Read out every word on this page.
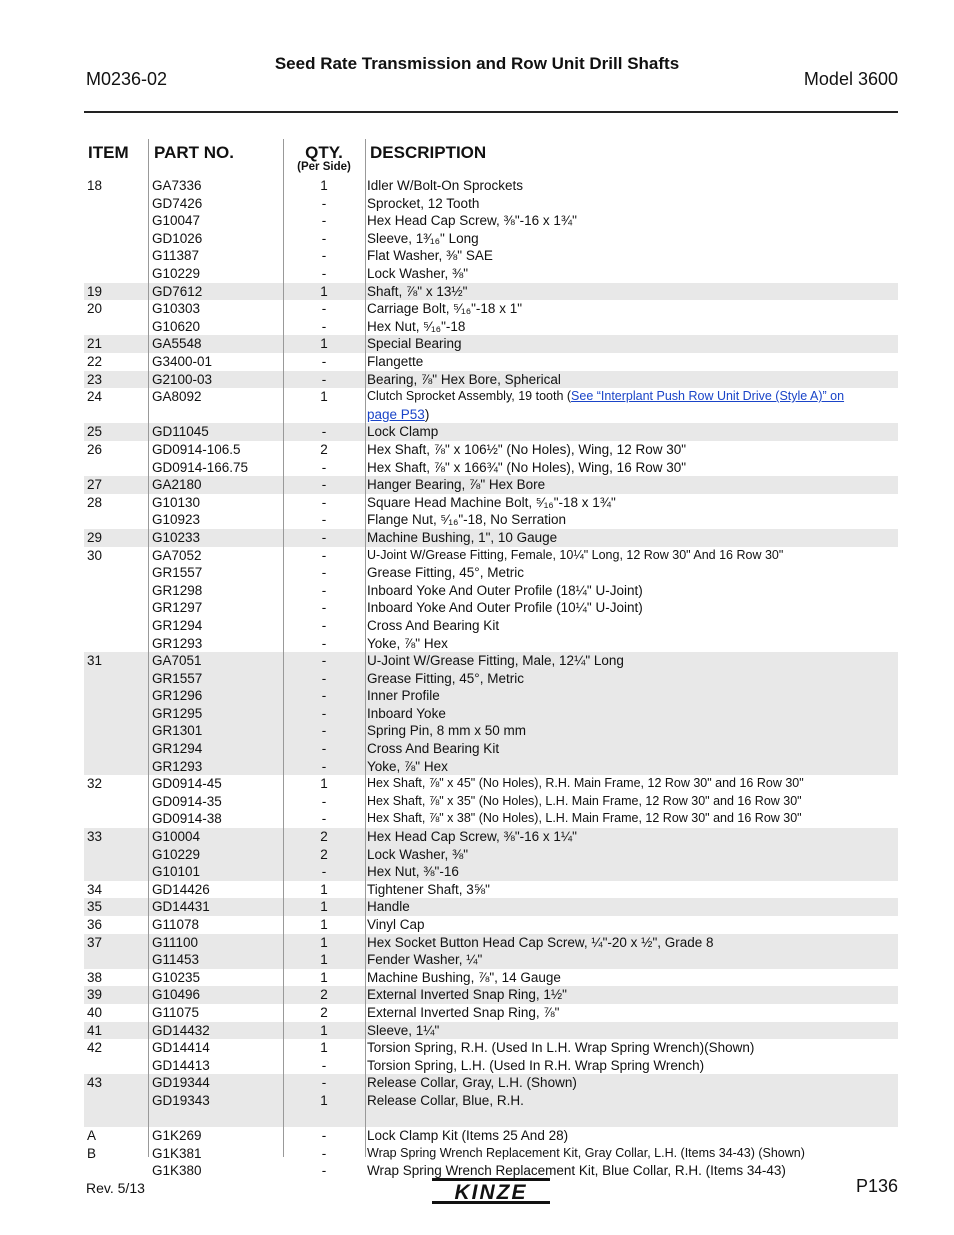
Seed Rate Transmission and Row Unit Drill Shafts
M0236-02	Model 3600
ITEM PART NO.	QTY.
(Per Side)
DESCRIPTION
18	GA7336	1	Idler W/Bolt-On Sprockets
GD7426	-	Sprocket, 12 Tooth
G10047	-	Hex Head Cap Screw, ⅜"-16 x 1¾"
GD1026	-	Sleeve, 1³⁄₁₆" Long
G11387	-	Flat Washer, ⅜" SAE
G10229	-	Lock Washer, ⅜"
19	GD7612	1	Shaft, ⅞" x 13½"
20	G10303	-	Carriage Bolt, ⁵⁄₁₆"-18 x 1"
G10620	-	Hex Nut, ⁵⁄₁₆"-18
21	GA5548	1	Special Bearing
22	G3400-01	-	Flangette
23	G2100-03	-	Bearing, ⅞" Hex Bore, Spherical
24	GA8092	1	Clutch Sprocket Assembly, 19 tooth (See “Interplant Push Row Unit Drive (Style A)” on
page P53)
25	GD11045	-	Lock Clamp
26	GD0914-106.5	2	Hex Shaft, ⅞" x 106½" (No Holes), Wing, 12 Row 30"
GD0914-166.75	-	Hex Shaft, ⅞" x 166¾" (No Holes), Wing, 16 Row 30"
27	GA2180	-	Hanger Bearing, ⅞" Hex Bore
28	G10130	-	Square Head Machine Bolt, ⁵⁄₁₆"-18 x 1¾"
G10923	-	Flange Nut, ⁵⁄₁₆"-18, No Serration
29	G10233	-	Machine Bushing, 1", 10 Gauge
30	GA7052	-	U-Joint W/Grease Fitting, Female, 10¼" Long, 12 Row 30" And 16 Row 30"
GR1557	-	Grease Fitting, 45°, Metric
GR1298	-	Inboard Yoke And Outer Profile (18¼" U-Joint)
GR1297	-	Inboard Yoke And Outer Profile (10¼" U-Joint)
GR1294	-	Cross And Bearing Kit
GR1293	-	Yoke, ⅞" Hex
31	GA7051	-	U-Joint W/Grease Fitting, Male, 12¼" Long
GR1557	-	Grease Fitting, 45°, Metric
GR1296	-	Inner Profile
GR1295	-	Inboard Yoke
GR1301	-	Spring Pin, 8 mm x 50 mm
GR1294	-	Cross And Bearing Kit
GR1293	-	Yoke, ⅞" Hex
32	GD0914-45	1	Hex Shaft, ⅞" x 45" (No Holes), R.H. Main Frame, 12 Row 30" and 16 Row 30"
GD0914-35	-	Hex Shaft, ⅞" x 35" (No Holes), L.H. Main Frame, 12 Row 30" and 16 Row 30"
GD0914-38	-	Hex Shaft, ⅞" x 38" (No Holes), L.H. Main Frame, 12 Row 30" and 16 Row 30"
33	G10004	2	Hex Head Cap Screw, ⅜"-16 x 1¼"
G10229	2	Lock Washer, ⅜"
G10101	-	Hex Nut, ⅜"-16
34	GD14426	1	Tightener Shaft, 3⅝"
35	GD14431	1	Handle
36	G11078	1	Vinyl Cap
37	G11100	1	Hex Socket Button Head Cap Screw, ¼"-20 x ½", Grade 8
G11453	1	Fender Washer, ¼"
38	G10235	1	Machine Bushing, ⅞", 14 Gauge
39	G10496	2	External Inverted Snap Ring, 1½"
40	G11075	2	External Inverted Snap Ring, ⅞"
41	GD14432	1	Sleeve, 1¼"
42	GD14414	1	Torsion Spring, R.H. (Used In L.H. Wrap Spring Wrench)(Shown)
GD14413	-	Torsion Spring, L.H. (Used In R.H. Wrap Spring Wrench)
43	GD19344	-	Release Collar, Gray, L.H. (Shown)
GD19343	1	Release Collar, Blue, R.H.
A	G1K269	-	Lock Clamp Kit (Items 25 And 28)
B	G1K381	-	Wrap Spring Wrench Replacement Kit, Gray Collar, L.H. (Items 34-43) (Shown)
G1K380	-	Wrap Spring Wrench Replacement Kit, Blue Collar, R.H. (Items 34-43)
Rev. 5/13	P136
KINZE
